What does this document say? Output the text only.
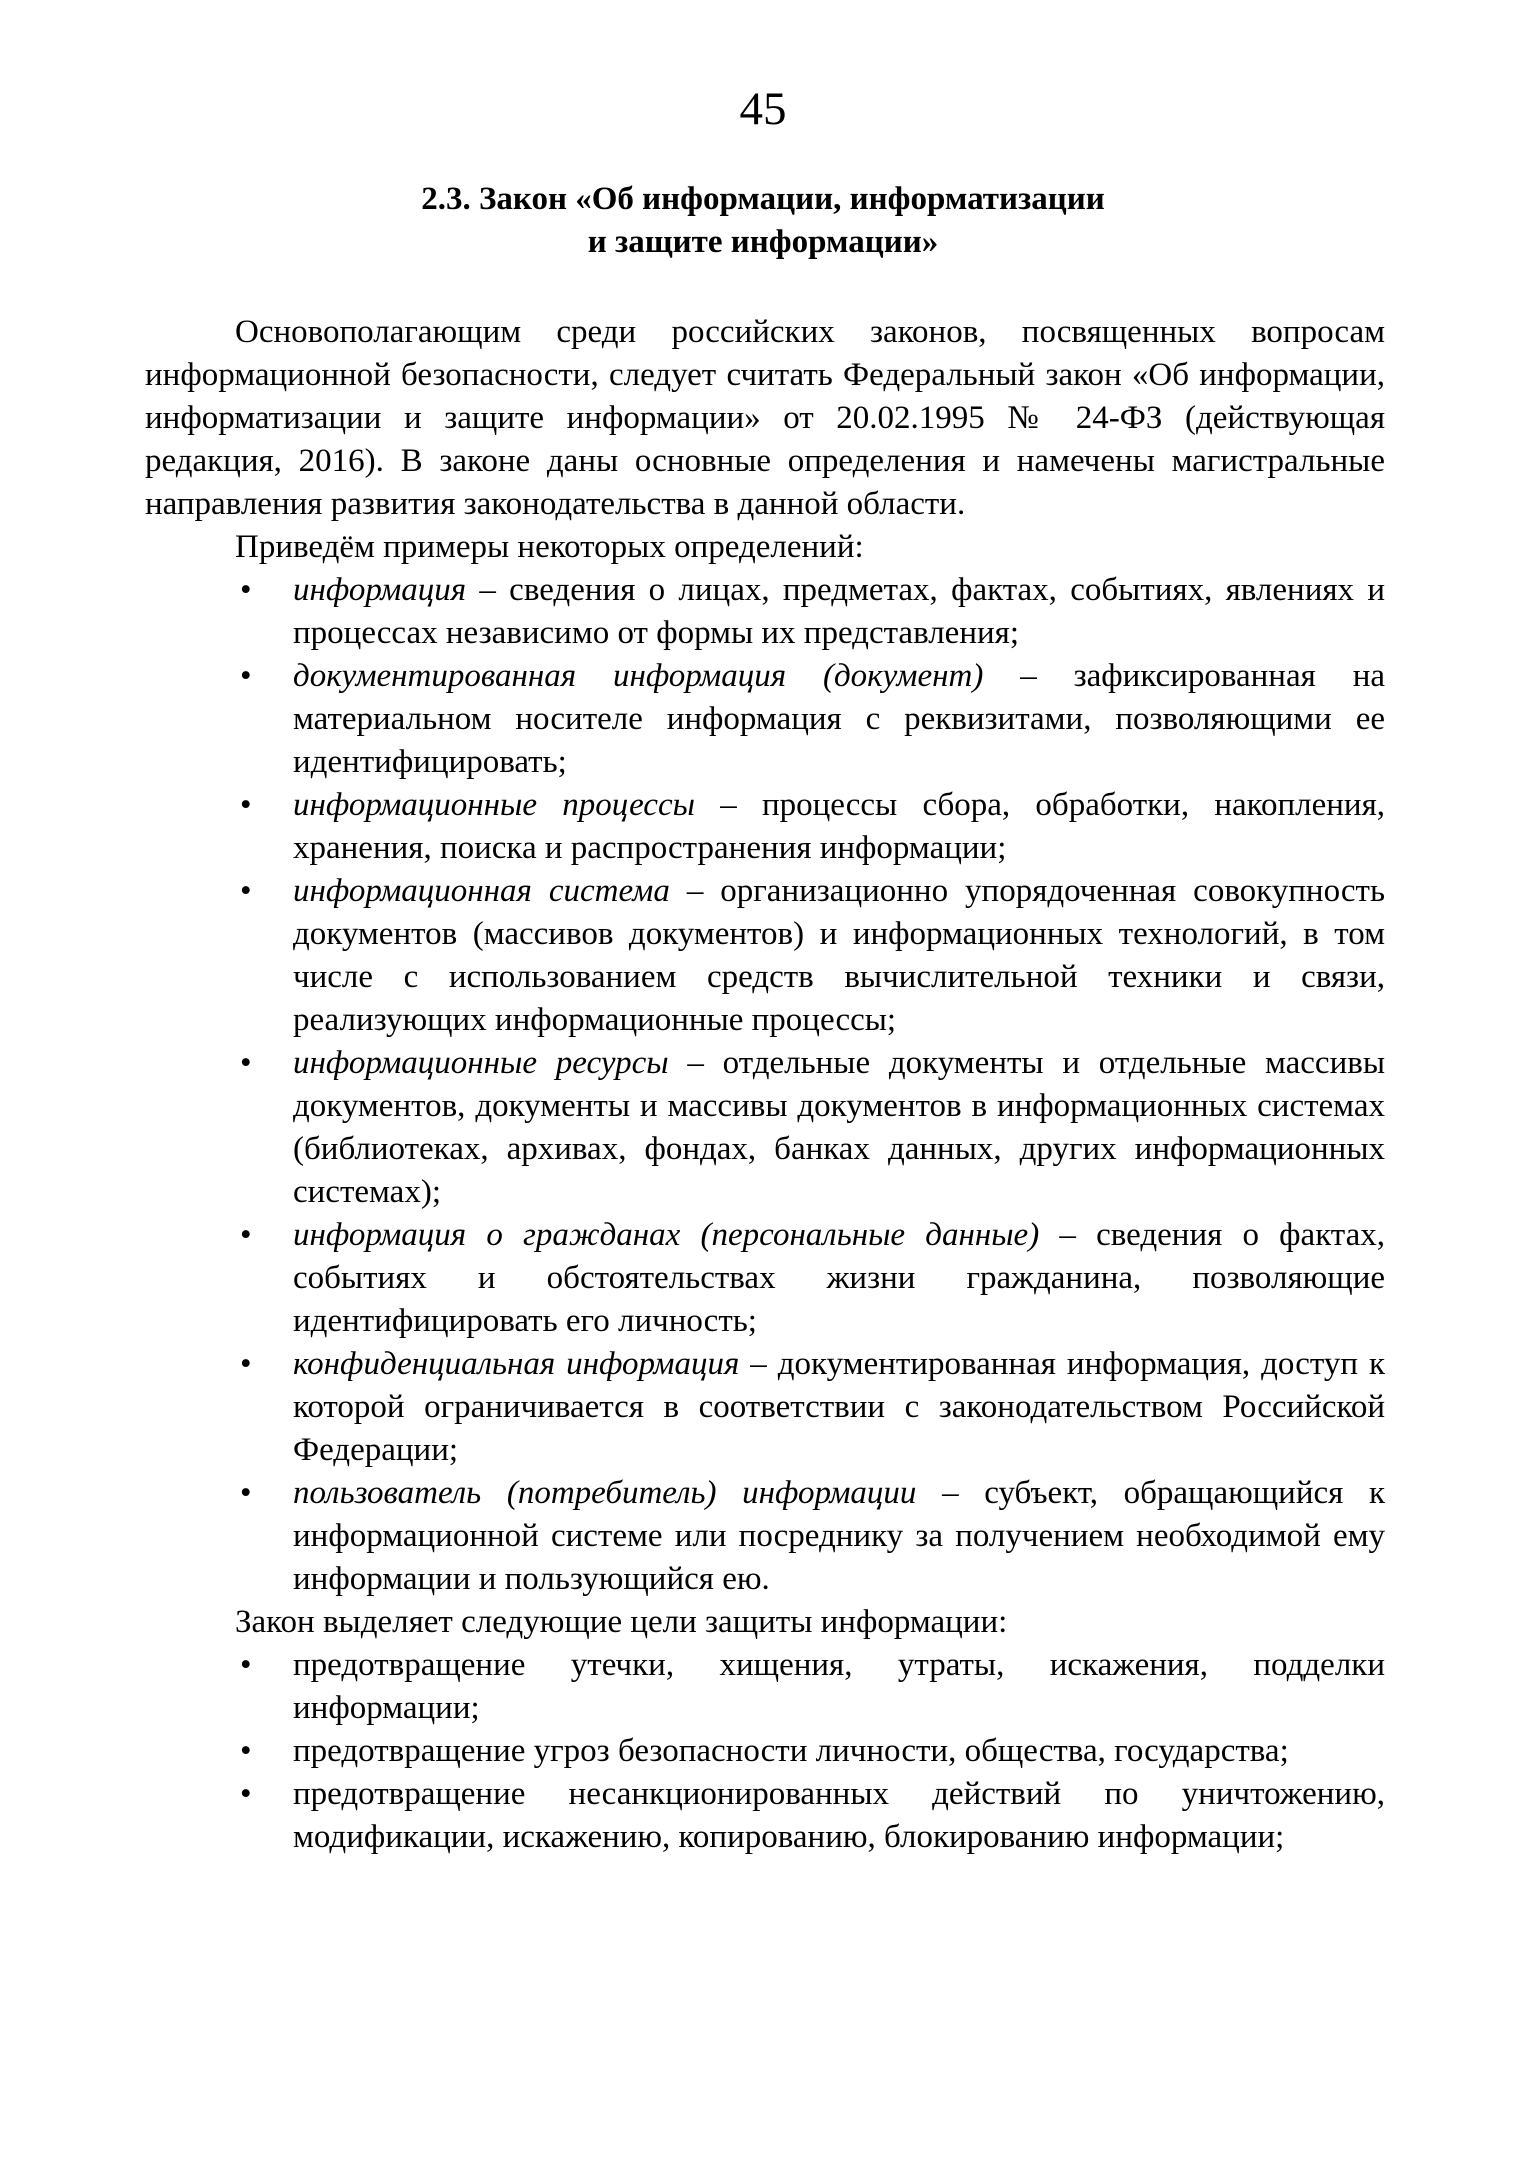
45

2.3. Закон «Об информации, информатизации
и защите информации»

Основополагающим среди российских законов, посвященных вопросам информационной безопасности, следует считать Федеральный закон «Об информации, информатизации и защите информации» от 20.02.1995 № 24-ФЗ (действующая редакция, 2016). В законе даны основные определения и намечены магистральные направления развития законодательства в данной области.

Приведём примеры некоторых определений:

• информация – сведения о лицах, предметах, фактах, событиях, явлениях и процессах независимо от формы их представления;
• документированная информация (документ) – зафиксированная на материальном носителе информация с реквизитами, позволяющими ее идентифицировать;
• информационные процессы – процессы сбора, обработки, накопления, хранения, поиска и распространения информации;
• информационная система – организационно упорядоченная совокупность документов (массивов документов) и информационных технологий, в том числе с использованием средств вычислительной техники и связи, реализующих информационные процессы;
• информационные ресурсы – отдельные документы и отдельные массивы документов, документы и массивы документов в информационных системах (библиотеках, архивах, фондах, банках данных, других информационных системах);
• информация о гражданах (персональные данные) – сведения о фактах, событиях и обстоятельствах жизни гражданина, позволяющие идентифицировать его личность;
• конфиденциальная информация – документированная информация, доступ к которой ограничивается в соответствии с законодательством Российской Федерации;
• пользователь (потребитель) информации – субъект, обращающийся к информационной системе или посреднику за получением необходимой ему информации и пользующийся ею.

Закон выделяет следующие цели защиты информации:

• предотвращение утечки, хищения, утраты, искажения, подделки информации;
• предотвращение угроз безопасности личности, общества, государства;
• предотвращение несанкционированных действий по уничтожению, модификации, искажению, копированию, блокированию информации;
